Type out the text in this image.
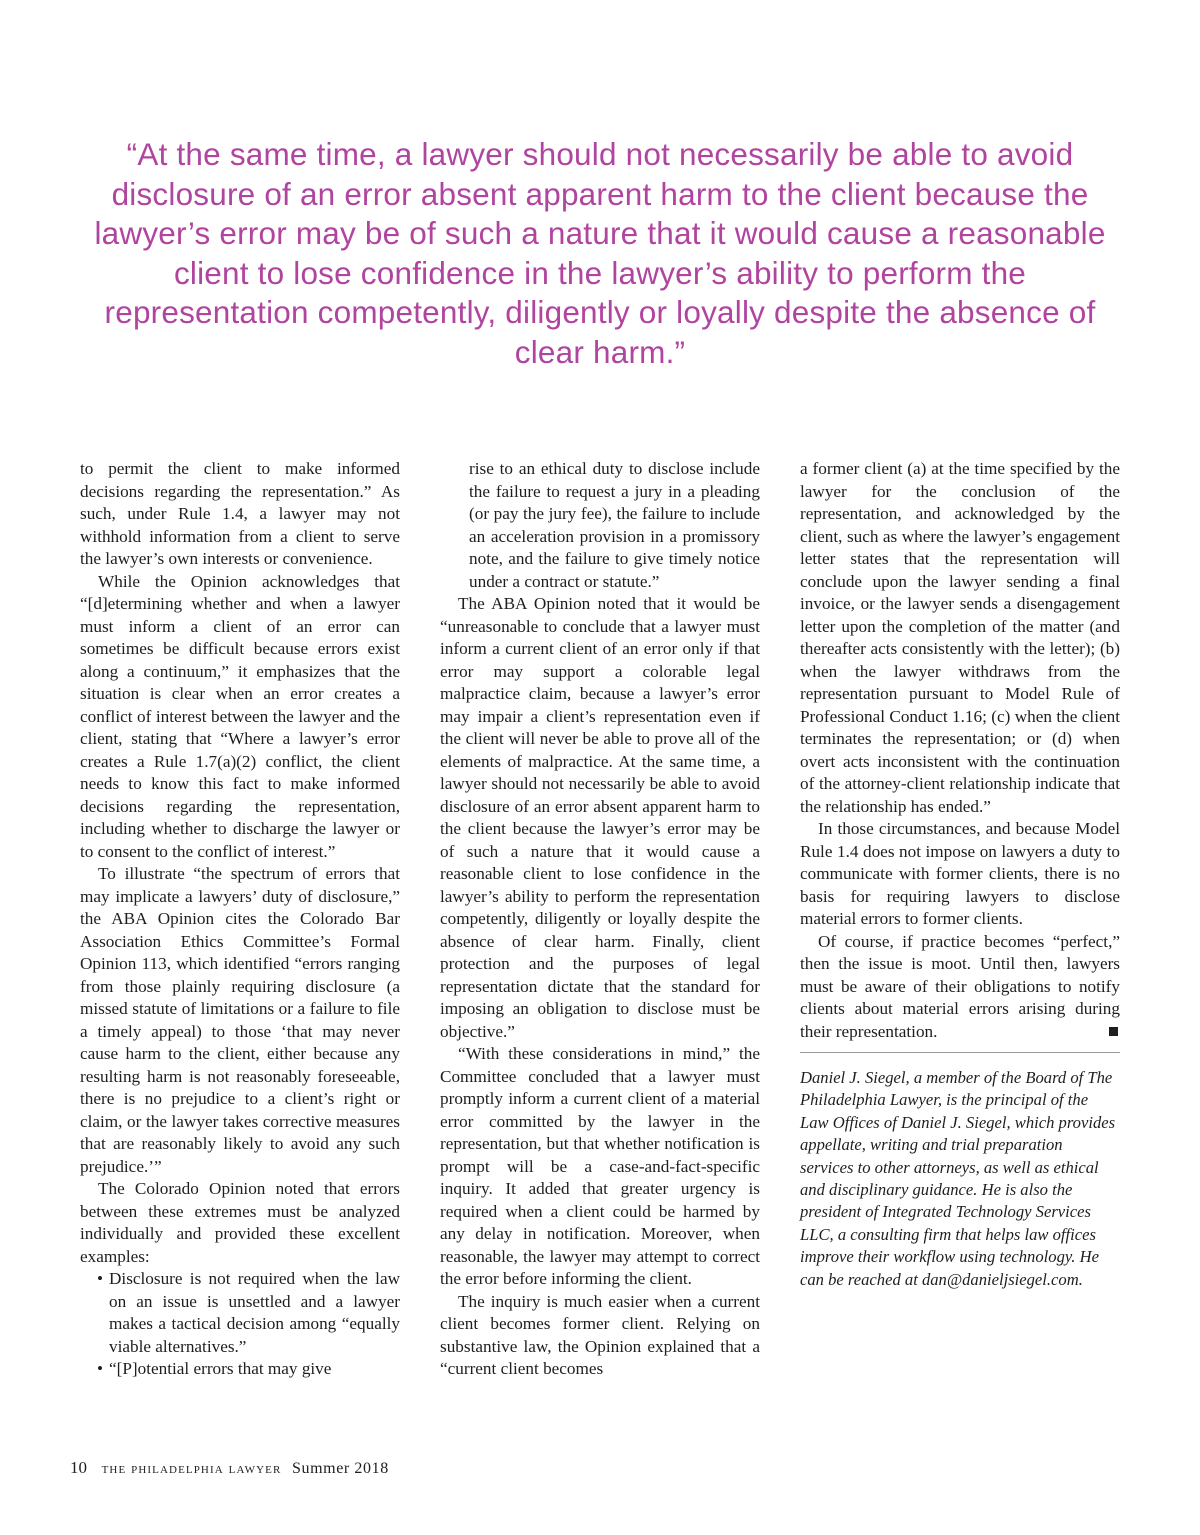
“At the same time, a lawyer should not necessarily be able to avoid disclosure of an error absent apparent harm to the client because the lawyer’s error may be of such a nature that it would cause a reasonable client to lose confidence in the lawyer’s ability to perform the representation competently, diligently or loyally despite the absence of clear harm.”

to permit the client to make informed decisions regarding the representation.” As such, under Rule 1.4, a lawyer may not withhold information from a client to serve the lawyer’s own interests or convenience.

While the Opinion acknowledges that “[d]etermining whether and when a lawyer must inform a client of an error can sometimes be difficult because errors exist along a continuum,” it emphasizes that the situation is clear when an error creates a conflict of interest between the lawyer and the client, stating that “Where a lawyer’s error creates a Rule 1.7(a)(2) conflict, the client needs to know this fact to make informed decisions regarding the representation, including whether to discharge the lawyer or to consent to the conflict of interest.”

To illustrate “the spectrum of errors that may implicate a lawyers’ duty of disclosure,” the ABA Opinion cites the Colorado Bar Association Ethics Committee’s Formal Opinion 113, which identified “errors ranging from those plainly requiring disclosure (a missed statute of limitations or a failure to file a timely appeal) to those ‘that may never cause harm to the client, either because any resulting harm is not reasonably foreseeable, there is no prejudice to a client’s right or claim, or the lawyer takes corrective measures that are reasonably likely to avoid any such prejudice.’”

The Colorado Opinion noted that errors between these extremes must be analyzed individually and provided these excellent examples:

• Disclosure is not required when the law on an issue is unsettled and a lawyer makes a tactical decision among “equally viable alternatives.”
• “[P]otential errors that may give

rise to an ethical duty to disclose include the failure to request a jury in a pleading (or pay the jury fee), the failure to include an acceleration provision in a promissory note, and the failure to give timely notice under a contract or statute.”

The ABA Opinion noted that it would be “unreasonable to conclude that a lawyer must inform a current client of an error only if that error may support a colorable legal malpractice claim, because a lawyer’s error may impair a client’s representation even if the client will never be able to prove all of the elements of malpractice. At the same time, a lawyer should not necessarily be able to avoid disclosure of an error absent apparent harm to the client because the lawyer’s error may be of such a nature that it would cause a reasonable client to lose confidence in the lawyer’s ability to perform the representation competently, diligently or loyally despite the absence of clear harm. Finally, client protection and the purposes of legal representation dictate that the standard for imposing an obligation to disclose must be objective.”

“With these considerations in mind,” the Committee concluded that a lawyer must promptly inform a current client of a material error committed by the lawyer in the representation, but that whether notification is prompt will be a case-and-fact-specific inquiry. It added that greater urgency is required when a client could be harmed by any delay in notification. Moreover, when reasonable, the lawyer may attempt to correct the error before informing the client.

The inquiry is much easier when a current client becomes former client. Relying on substantive law, the Opinion explained that a “current client becomes

a former client (a) at the time specified by the lawyer for the conclusion of the representation, and acknowledged by the client, such as where the lawyer’s engagement letter states that the representation will conclude upon the lawyer sending a final invoice, or the lawyer sends a disengagement letter upon the completion of the matter (and thereafter acts consistently with the letter); (b) when the lawyer withdraws from the representation pursuant to Model Rule of Professional Conduct 1.16; (c) when the client terminates the representation; or (d) when overt acts inconsistent with the continuation of the attorney-client relationship indicate that the relationship has ended.”

In those circumstances, and because Model Rule 1.4 does not impose on lawyers a duty to communicate with former clients, there is no basis for requiring lawyers to disclose material errors to former clients.

Of course, if practice becomes “perfect,” then the issue is moot. Until then, lawyers must be aware of their obligations to notify clients about material errors arising during their representation.

Daniel J. Siegel, a member of the Board of The Philadelphia Lawyer, is the principal of the Law Offices of Daniel J. Siegel, which provides appellate, writing and trial preparation services to other attorneys, as well as ethical and disciplinary guidance. He is also the president of Integrated Technology Services LLC, a consulting firm that helps law offices improve their workflow using technology. He can be reached at dan@danieljsiegel.com.

10 the philadelphia lawyer Summer 2018
